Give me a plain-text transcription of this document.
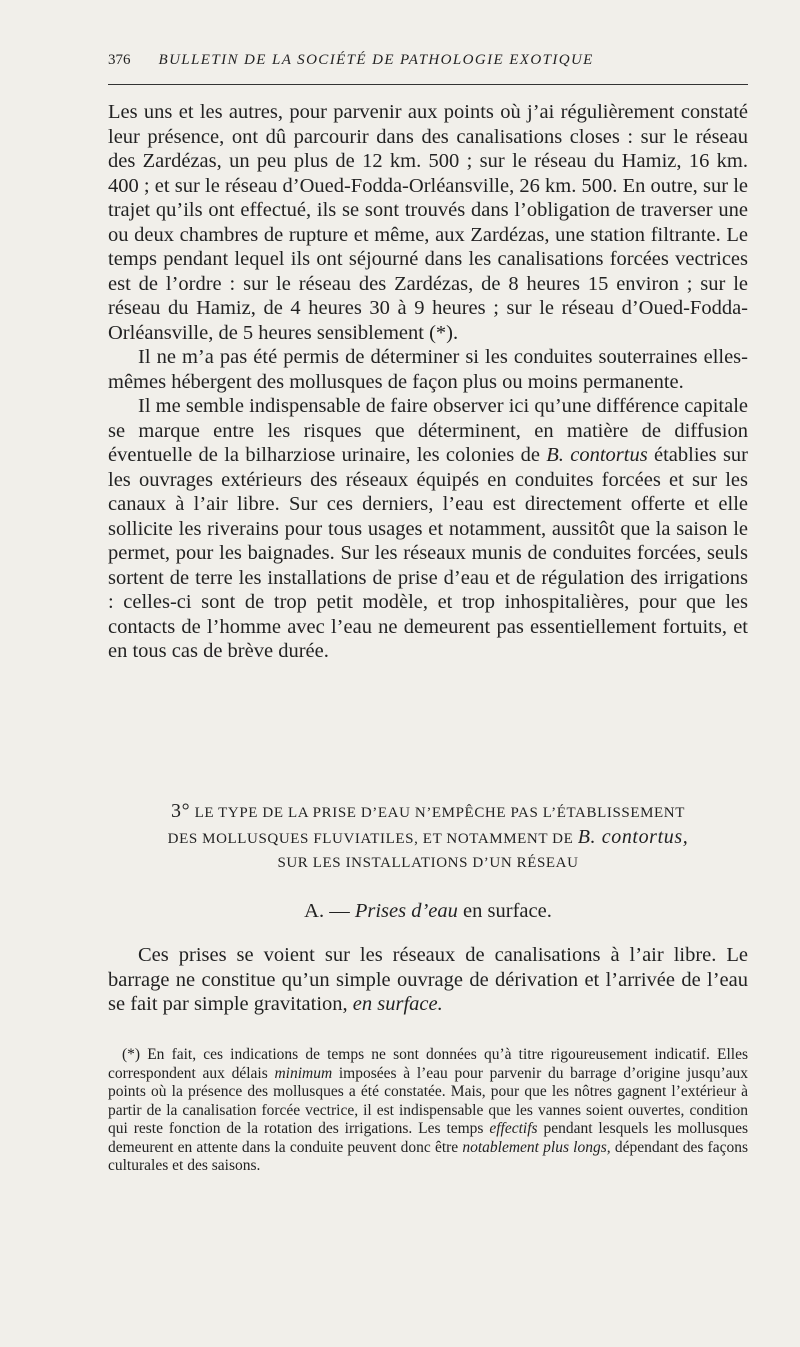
376 BULLETIN DE LA SOCIÉTÉ DE PATHOLOGIE EXOTIQUE

Les uns et les autres, pour parvenir aux points où j’ai régulièrement constaté leur présence, ont dû parcourir dans des canalisations closes : sur le réseau des Zardézas, un peu plus de 12 km. 500 ; sur le réseau du Hamiz, 16 km. 400 ; et sur le réseau d’Oued-Fodda-Orléansville, 26 km. 500. En outre, sur le trajet qu’ils ont effectué, ils se sont trouvés dans l’obligation de traverser une ou deux chambres de rupture et même, aux Zardézas, une station filtrante. Le temps pendant lequel ils ont séjourné dans les canalisations forcées vectrices est de l’ordre : sur le réseau des Zardézas, de 8 heures 15 environ ; sur le réseau du Hamiz, de 4 heures 30 à 9 heures ; sur le réseau d’Oued-Fodda-Orléansville, de 5 heures sensiblement (*).

Il ne m’a pas été permis de déterminer si les conduites souterraines elles-mêmes hébergent des mollusques de façon plus ou moins permanente.

Il me semble indispensable de faire observer ici qu’une différence capitale se marque entre les risques que déterminent, en matière de diffusion éventuelle de la bilharziose urinaire, les colonies de B. contortus établies sur les ouvrages extérieurs des réseaux équipés en conduites forcées et sur les canaux à l’air libre. Sur ces derniers, l’eau est directement offerte et elle sollicite les riverains pour tous usages et notamment, aussitôt que la saison le permet, pour les baignades. Sur les réseaux munis de conduites forcées, seuls sortent de terre les installations de prise d’eau et de régulation des irrigations : celles-ci sont de trop petit modèle, et trop inhospitalières, pour que les contacts de l’homme avec l’eau ne demeurent pas essentiellement fortuits, et en tous cas de brève durée.

3° LE TYPE DE LA PRISE D’EAU N’EMPÊCHE PAS L’ÉTABLISSEMENT
DES MOLLUSQUES FLUVIATILES, ET NOTAMMENT DE B. contortus,
SUR LES INSTALLATIONS D’UN RÉSEAU
A. — Prises d’eau en surface.

Ces prises se voient sur les réseaux de canalisations à l’air libre. Le barrage ne constitue qu’un simple ouvrage de dérivation et l’arrivée de l’eau se fait par simple gravitation, en surface.

(*) En fait, ces indications de temps ne sont données qu’à titre rigoureusement indicatif. Elles correspondent aux délais minimum imposées à l’eau pour parvenir du barrage d’origine jusqu’aux points où la présence des mollusques a été constatée. Mais, pour que les nôtres gagnent l’extérieur à partir de la canalisation forcée vectrice, il est indispensable que les vannes soient ouvertes, condition qui reste fonction de la rotation des irrigations. Les temps effectifs pendant lesquels les mollusques demeurent en attente dans la conduite peuvent donc être notablement plus longs, dépendant des façons culturales et des saisons.
